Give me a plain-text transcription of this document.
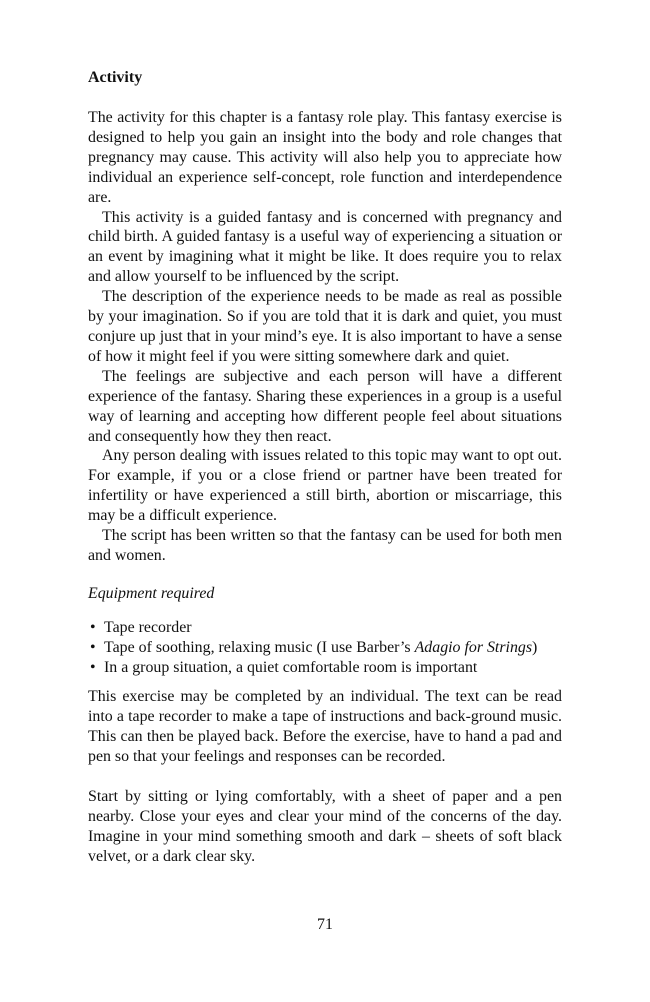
Activity

The activity for this chapter is a fantasy role play. This fantasy exercise is designed to help you gain an insight into the body and role changes that pregnancy may cause. This activity will also help you to appreciate how individual an experience self-concept, role function and interdependence are.

This activity is a guided fantasy and is concerned with pregnancy and child birth. A guided fantasy is a useful way of experiencing a situation or an event by imagining what it might be like. It does require you to relax and allow yourself to be influenced by the script.

The description of the experience needs to be made as real as possible by your imagination. So if you are told that it is dark and quiet, you must conjure up just that in your mind’s eye. It is also important to have a sense of how it might feel if you were sitting somewhere dark and quiet.

The feelings are subjective and each person will have a different experience of the fantasy. Sharing these experiences in a group is a useful way of learning and accepting how different people feel about situations and consequently how they then react.

Any person dealing with issues related to this topic may want to opt out. For example, if you or a close friend or partner have been treated for infertility or have experienced a still birth, abortion or miscarriage, this may be a difficult experience.

The script has been written so that the fantasy can be used for both men and women.

Equipment required
• Tape recorder
• Tape of soothing, relaxing music (I use Barber’s Adagio for Strings)
• In a group situation, a quiet comfortable room is important

This exercise may be completed by an individual. The text can be read into a tape recorder to make a tape of instructions and back-ground music. This can then be played back. Before the exercise, have to hand a pad and pen so that your feelings and responses can be recorded.

Start by sitting or lying comfortably, with a sheet of paper and a pen nearby. Close your eyes and clear your mind of the concerns of the day. Imagine in your mind something smooth and dark – sheets of soft black velvet, or a dark clear sky.

71
